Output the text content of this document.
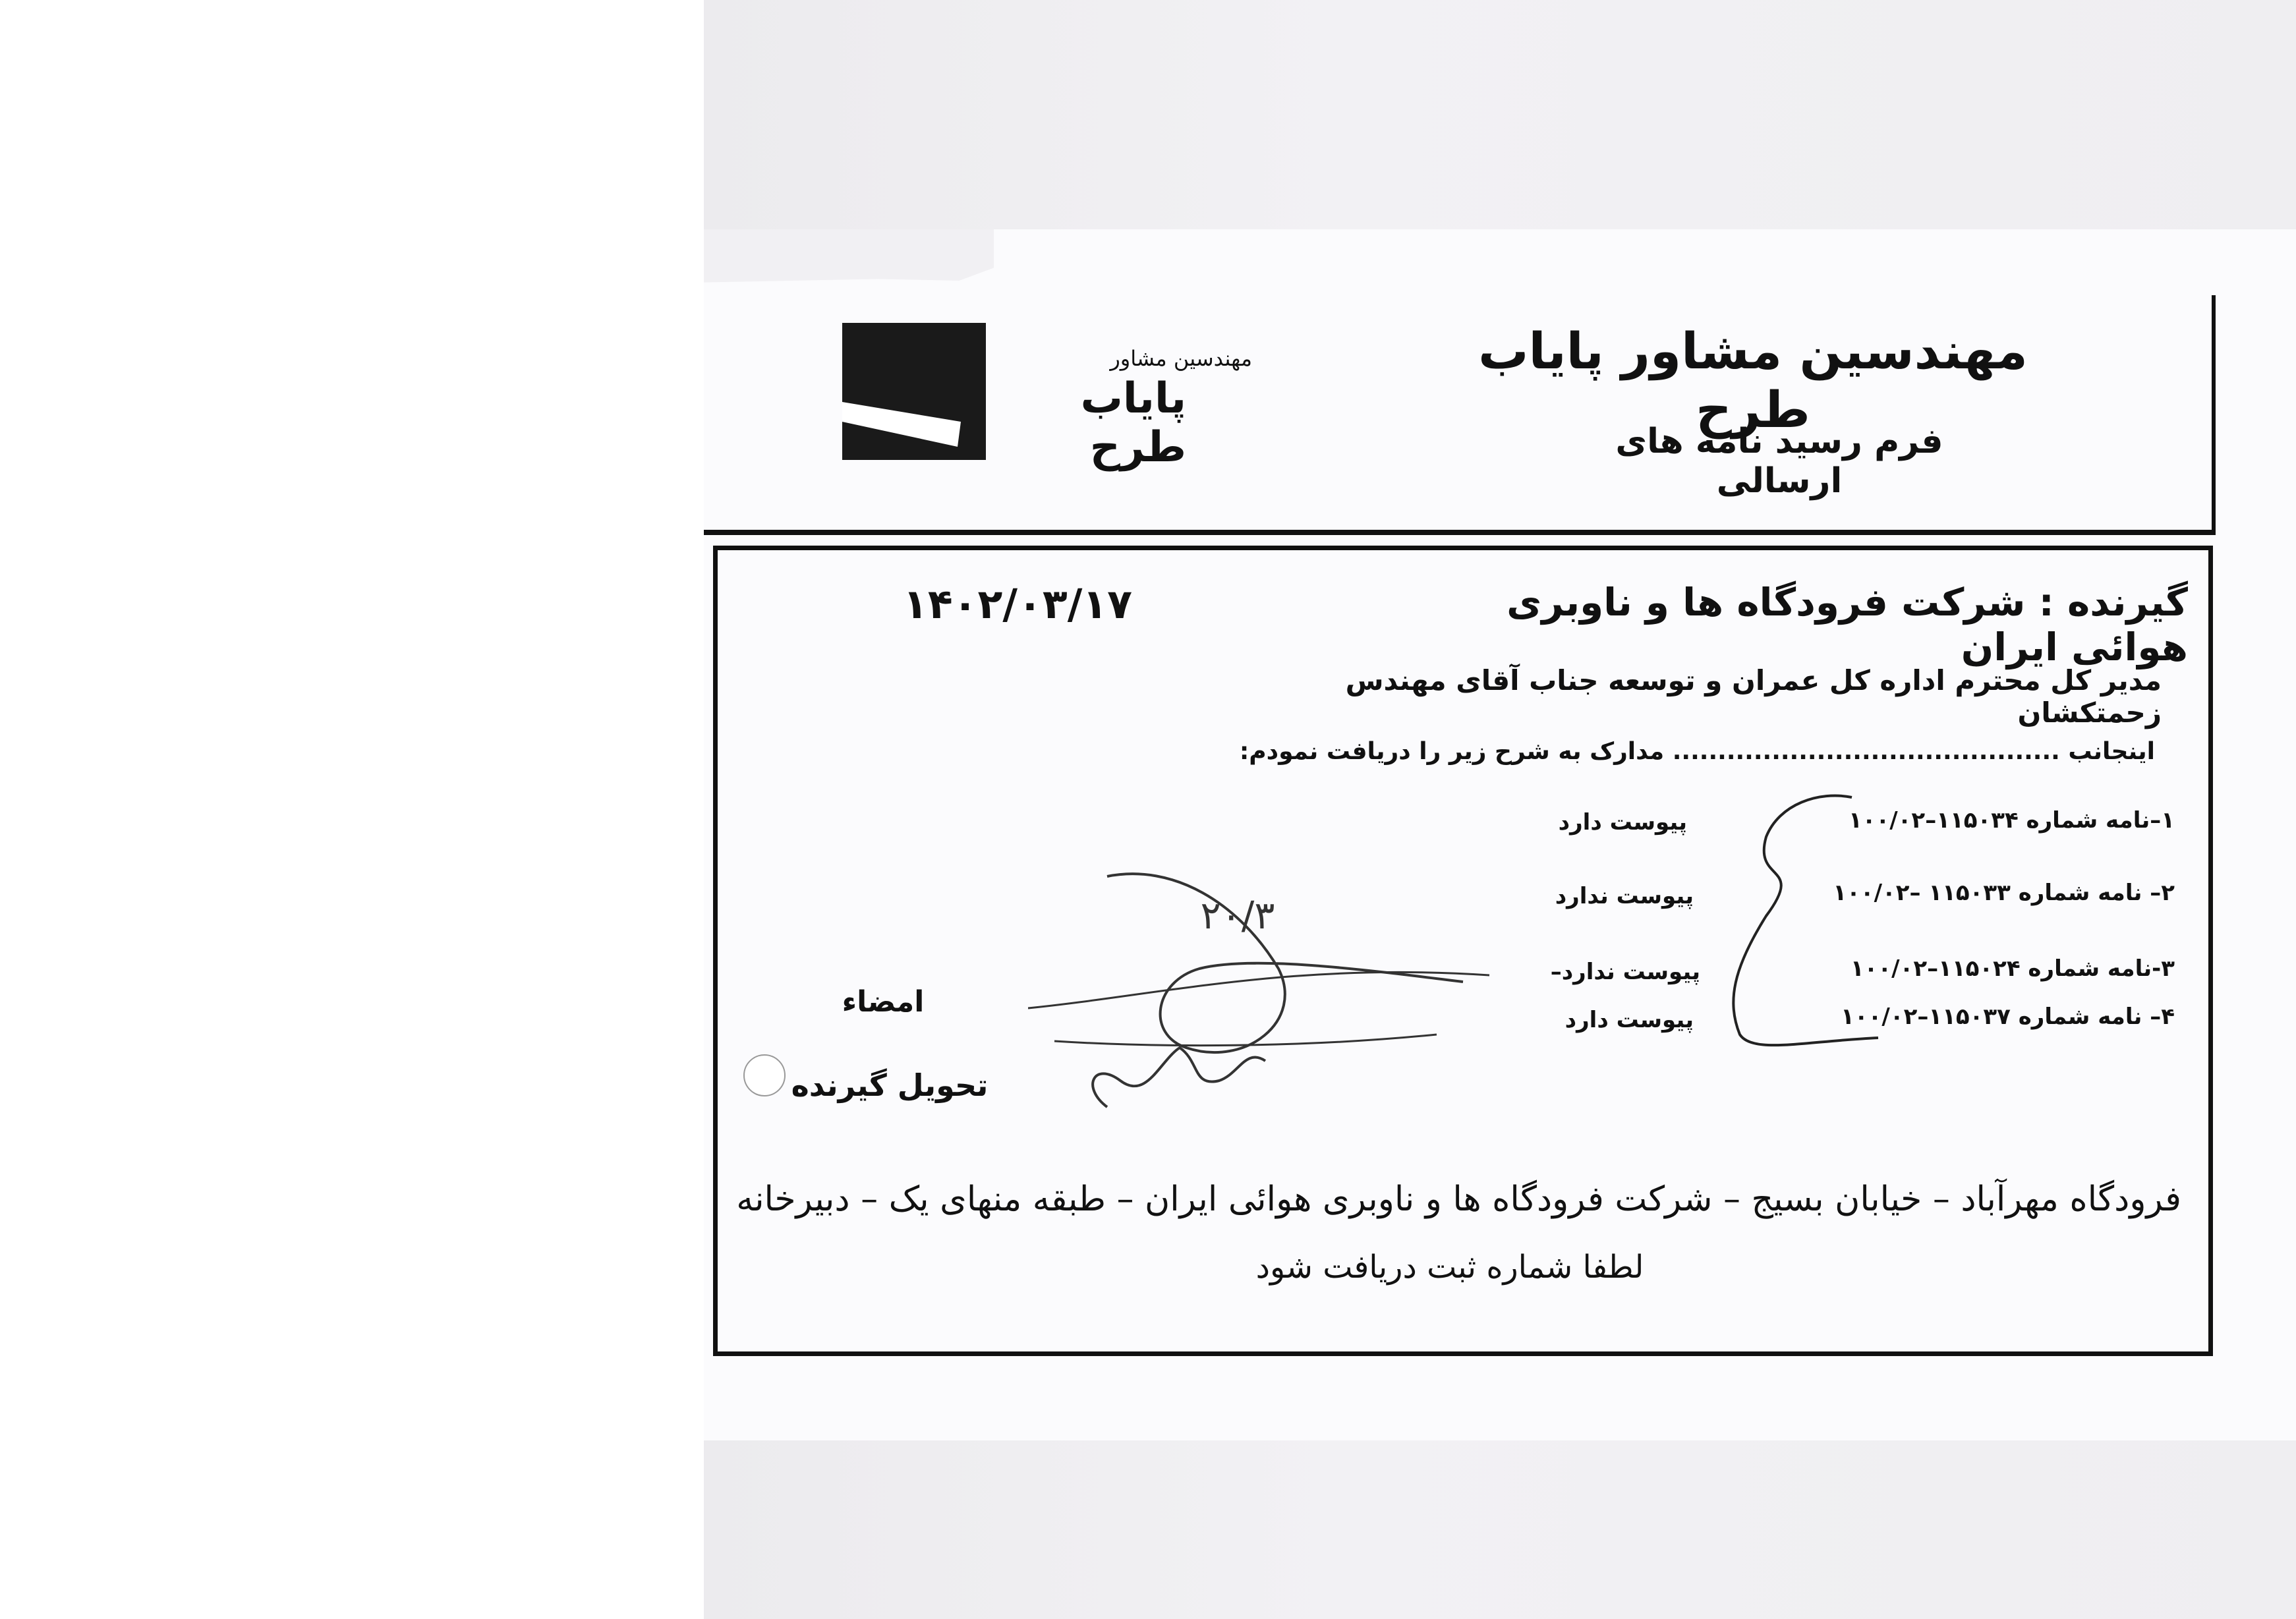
مهندسین مشاور
پایاب طرح
مهندسین مشاور پایاب طرح
فرم رسید نامه های ارسالی
گیرنده : شرکت فرودگاه ها و ناوبری هوائی ایران
۱۴۰۲/۰۳/۱۷
مدیر کل محترم اداره کل عمران و توسعه جناب آقای مهندس زحمتکشان
اینجانب ........................................... مدارک به شرح زیر را دریافت نمودم:
۱–نامه شماره ۱۱۵۰۳۴–۱۰۰/۰۲
پیوست دارد
۲– نامه شماره ۱۱۵۰۳۳ –۱۰۰/۰۲
پیوست ندارد
۳-نامه شماره ۱۱۵۰۲۴–۱۰۰/۰۲
پیوست ندارد–
۴– نامه شماره ۱۱۵۰۳۷–۱۰۰/۰۲
پیوست دارد
۲۰/۳
امضاء
تحویل گیرنده
فرودگاه مهرآباد – خیابان بسیج – شرکت فرودگاه ها و ناوبری هوائی ایران – طبقه منهای یک – دبیرخانه
لطفا شماره ثبت دریافت شود
